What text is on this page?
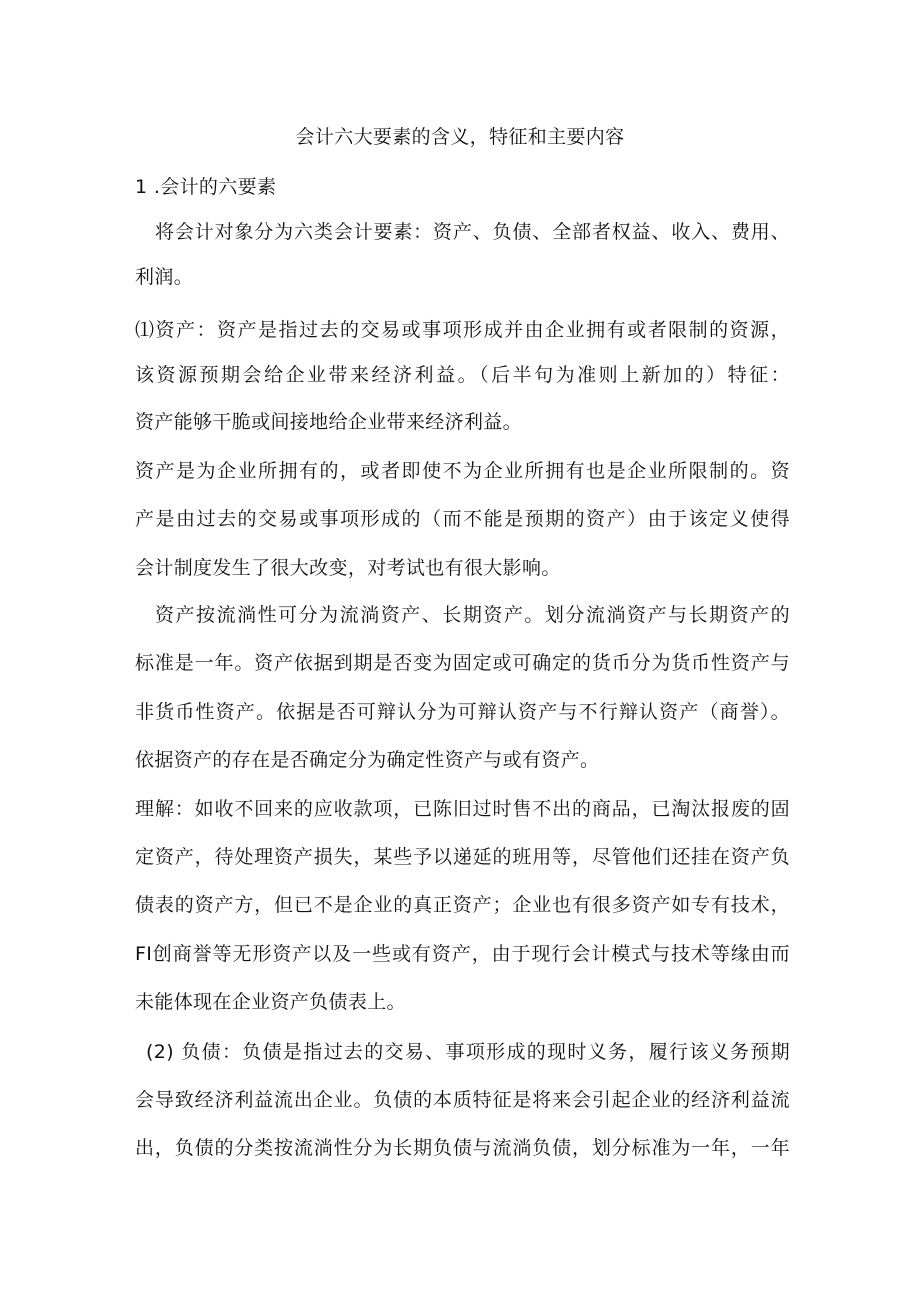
会计六大要素的含义，特征和主要内容
1 .会计的六要素
将会计对象分为六类会计要素：资产、负债、全部者权益、收入、费用、
利润。
⑴资产：资产是指过去的交易或事项形成并由企业拥有或者限制的资源，
该资源预期会给企业带来经济利益。（后半句为准则上新加的）特征：
资产能够干脆或间接地给企业带来经济利益。
资产是为企业所拥有的，或者即使不为企业所拥有也是企业所限制的。资
产是由过去的交易或事项形成的（而不能是预期的资产）由于该定义使得
会计制度发生了很大改变，对考试也有很大影响。
资产按流淌性可分为流淌资产、长期资产。划分流淌资产与长期资产的
标准是一年。资产依据到期是否变为固定或可确定的货币分为货币性资产与
非货币性资产。依据是否可辩认分为可辩认资产与不行辩认资产（商誉）。
依据资产的存在是否确定分为确定性资产与或有资产。
理解：如收不回来的应收款项，已陈旧过时售不出的商品，已淘汰报废的固
定资产，待处理资产损失，某些予以递延的班用等，尽管他们还挂在资产负
债表的资产方，但已不是企业的真正资产；企业也有很多资产如专有技术，
FI创商誉等无形资产以及一些或有资产，由于现行会计模式与技术等缘由而
未能体现在企业资产负债表上。
(2) 负债：负债是指过去的交易、事项形成的现时义务，履行该义务预期
会导致经济利益流出企业。负债的本质特征是将来会引起企业的经济利益流
出，负债的分类按流淌性分为长期负债与流淌负债，划分标准为一年，一年
